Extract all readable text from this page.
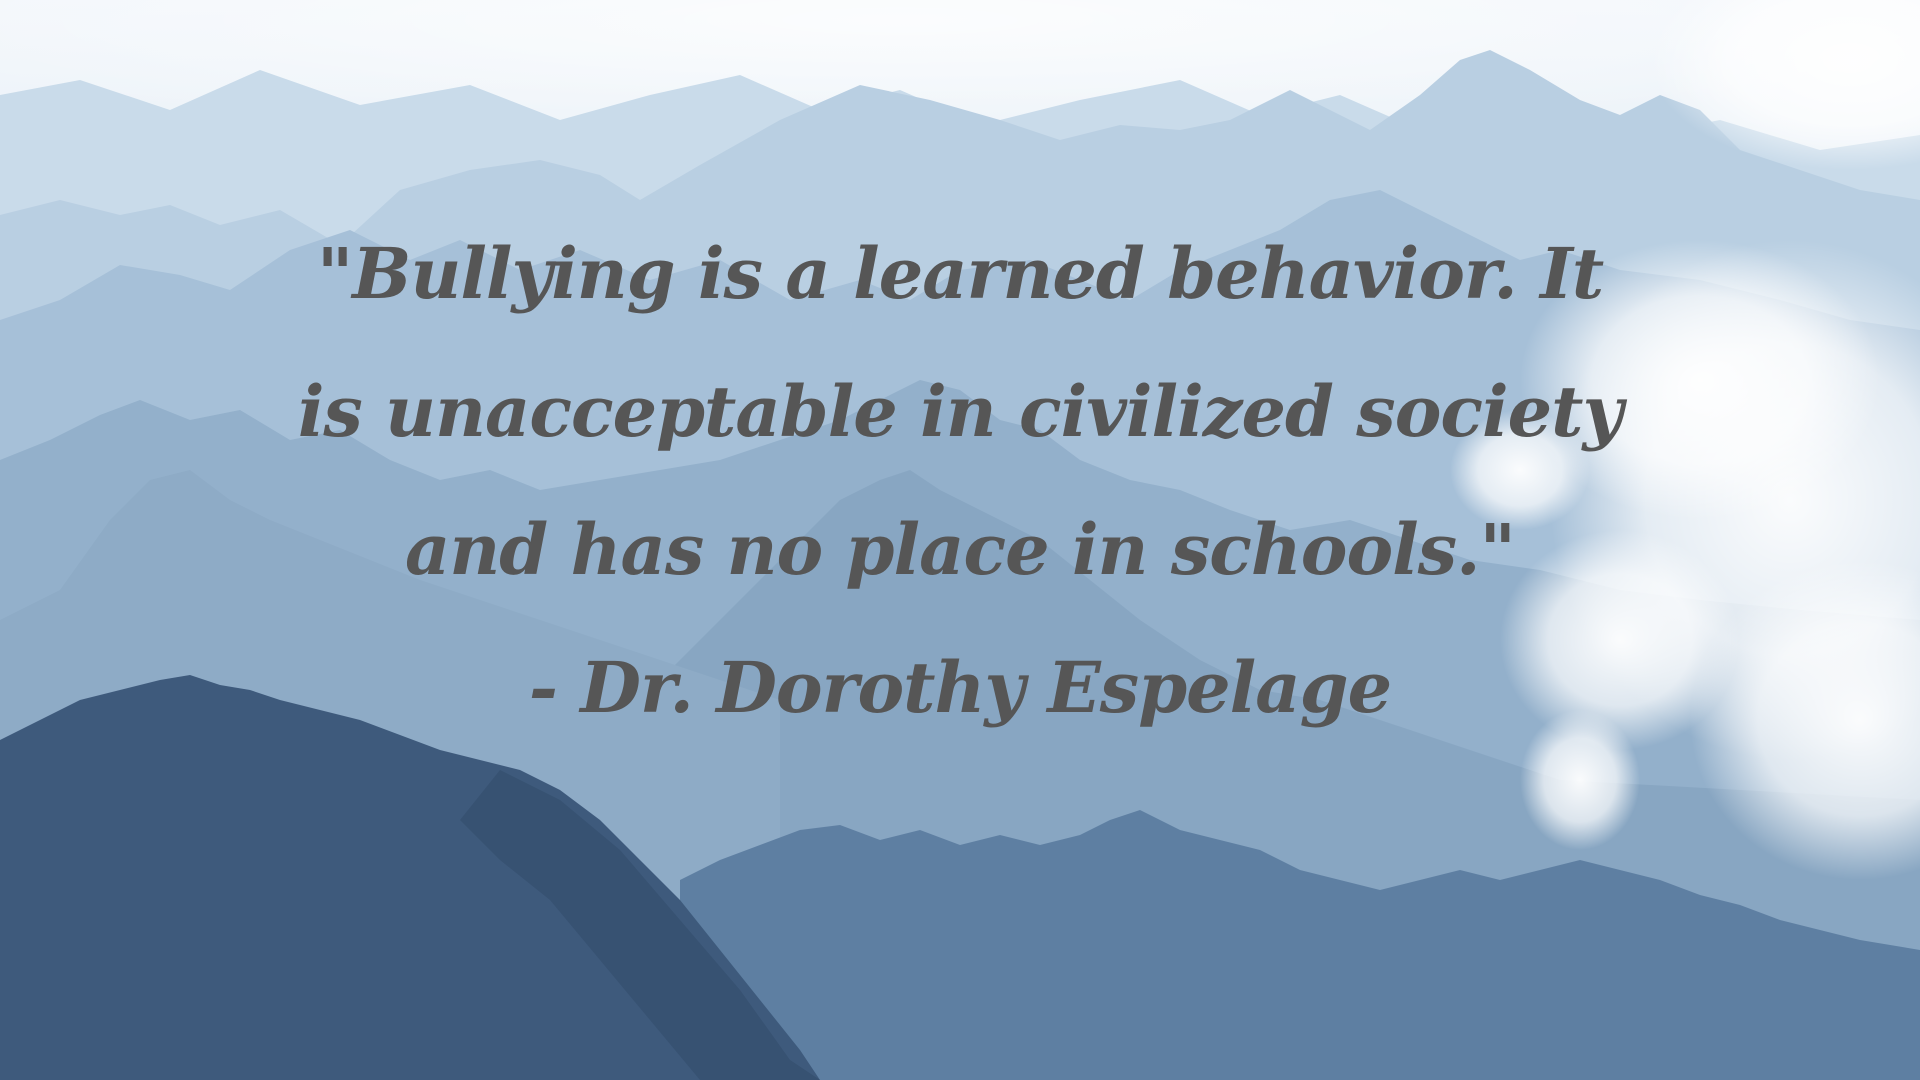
"Bullying is a learned behavior. It
is unacceptable in civilized society
and has no place in schools."
- Dr. Dorothy Espelage
